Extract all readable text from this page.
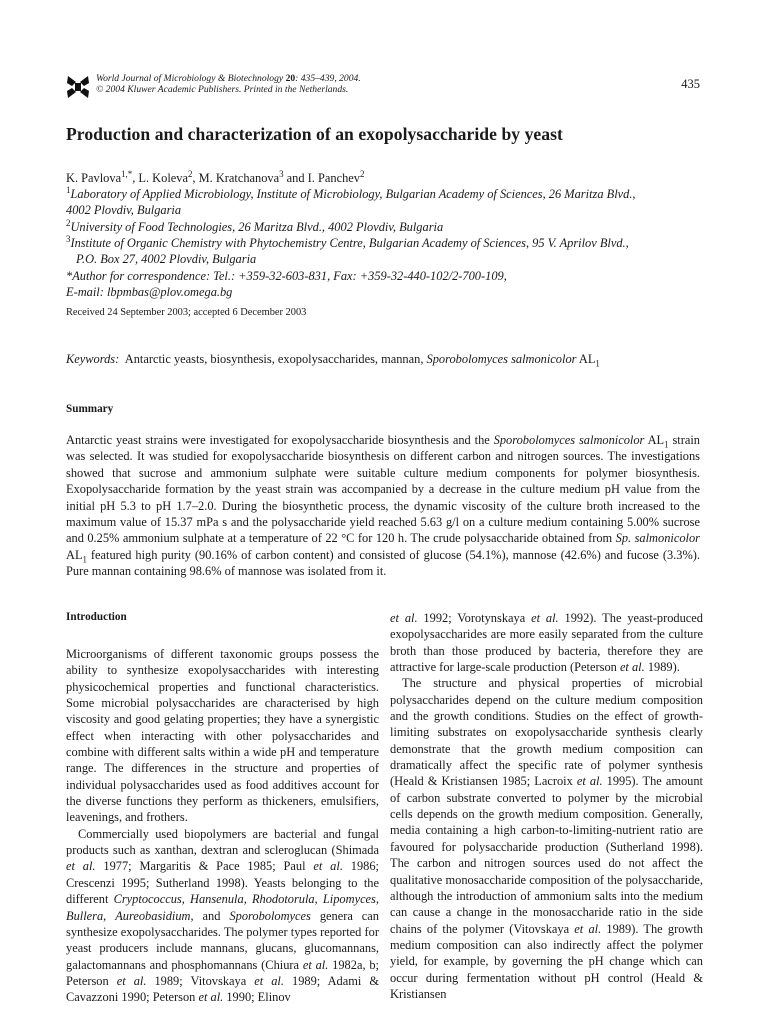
World Journal of Microbiology & Biotechnology 20: 435–439, 2004.
© 2004 Kluwer Academic Publishers. Printed in the Netherlands.	435
Production and characterization of an exopolysaccharide by yeast
K. Pavlova$^{1,*}$, L. Koleva$^2$, M. Kratchanova$^3$ and I. Panchev$^2$
$^1$Laboratory of Applied Microbiology, Institute of Microbiology, Bulgarian Academy of Sciences, 26 Maritza Blvd.,
4002 Plovdiv, Bulgaria
$^2$University of Food Technologies, 26 Maritza Blvd., 4002 Plovdiv, Bulgaria
$^3$Institute of Organic Chemistry with Phytochemistry Centre, Bulgarian Academy of Sciences, 95 V. Aprilov Blvd.,
P.O. Box 27, 4002 Plovdiv, Bulgaria
*Author for correspondence: Tel.: +359-32-603-831, Fax: +359-32-440-102/2-700-109,
E-mail: lbpmbas@plov.omega.bg
Received 24 September 2003; accepted 6 December 2003
Keywords: Antarctic yeasts, biosynthesis, exopolysaccharides, mannan, Sporobolomyces salmonicolor $AL_1$
Summary

Antarctic yeast strains were investigated for exopolysaccharide biosynthesis and the Sporobolomyces salmonicolor $AL_1$ strain was selected. It was studied for exopolysaccharide biosynthesis on different carbon and nitrogen sources. The investigations showed that sucrose and ammonium sulphate were suitable culture medium components for polymer biosynthesis. Exopolysaccharide formation by the yeast strain was accompanied by a decrease in the culture medium pH value from the initial pH 5.3 to pH 1.7–2.0. During the biosynthetic process, the dynamic viscosity of the culture broth increased to the maximum value of 15.37 mPa s and the polysaccharide yield reached 5.63 g/l on a culture medium containing 5.00% sucrose and 0.25% ammonium sulphate at a temperature of 22 °C for 120 h. The crude polysaccharide obtained from Sp. salmonicolor $AL_1$ featured high purity (90.16% of carbon content) and consisted of glucose (54.1%), mannose (42.6%) and fucose (3.3%). Pure mannan containing 98.6% of mannose was isolated from it.

Introduction

Microorganisms of different taxonomic groups possess the ability to synthesize exopolysaccharides with interesting physicochemical properties and functional characteristics. Some microbial polysaccharides are characterised by high viscosity and good gelating properties; they have a synergistic effect when interacting with other polysaccharides and combine with different salts within a wide pH and temperature range. The differences in the structure and properties of individual polysaccharides used as food additives account for the diverse functions they perform as thickeners, emulsifiers, leavenings, and frothers.

Commercially used biopolymers are bacterial and fungal products such as xanthan, dextran and scleroglucan (Shimada et al. 1977; Margaritis & Pace 1985; Paul et al. 1986; Crescenzi 1995; Sutherland 1998). Yeasts belonging to the different Cryptococcus, Hansenula, Rhodotorula, Lipomyces, Bullera, Aureobasidium, and Sporobolomyces genera can synthesize exopolysaccharides. The polymer types reported for yeast producers include mannans, glucans, glucomannans, galactomannans and phosphomannans (Chiura et al. 1982a, b; Peterson et al. 1989; Vitovskaya et al. 1989; Adami & Cavazzoni 1990; Peterson et al. 1990; Elinov

et al. 1992; Vorotynskaya et al. 1992). The yeast-produced exopolysaccharides are more easily separated from the culture broth than those produced by bacteria, therefore they are attractive for large-scale production (Peterson et al. 1989).

The structure and physical properties of microbial polysaccharides depend on the culture medium composition and the growth conditions. Studies on the effect of growth-limiting substrates on exopolysaccharide synthesis clearly demonstrate that the growth medium composition can dramatically affect the specific rate of polymer synthesis (Heald & Kristiansen 1985; Lacroix et al. 1995). The amount of carbon substrate converted to polymer by the microbial cells depends on the growth medium composition. Generally, media containing a high carbon-to-limiting-nutrient ratio are favoured for polysaccharide production (Sutherland 1998). The carbon and nitrogen sources used do not affect the qualitative monosaccharide composition of the polysaccharide, although the introduction of ammonium salts into the medium can cause a change in the monosaccharide ratio in the side chains of the polymer (Vitovskaya et al. 1989). The growth medium composition can also indirectly affect the polymer yield, for example, by governing the pH change which can occur during fermentation without pH control (Heald & Kristiansen
